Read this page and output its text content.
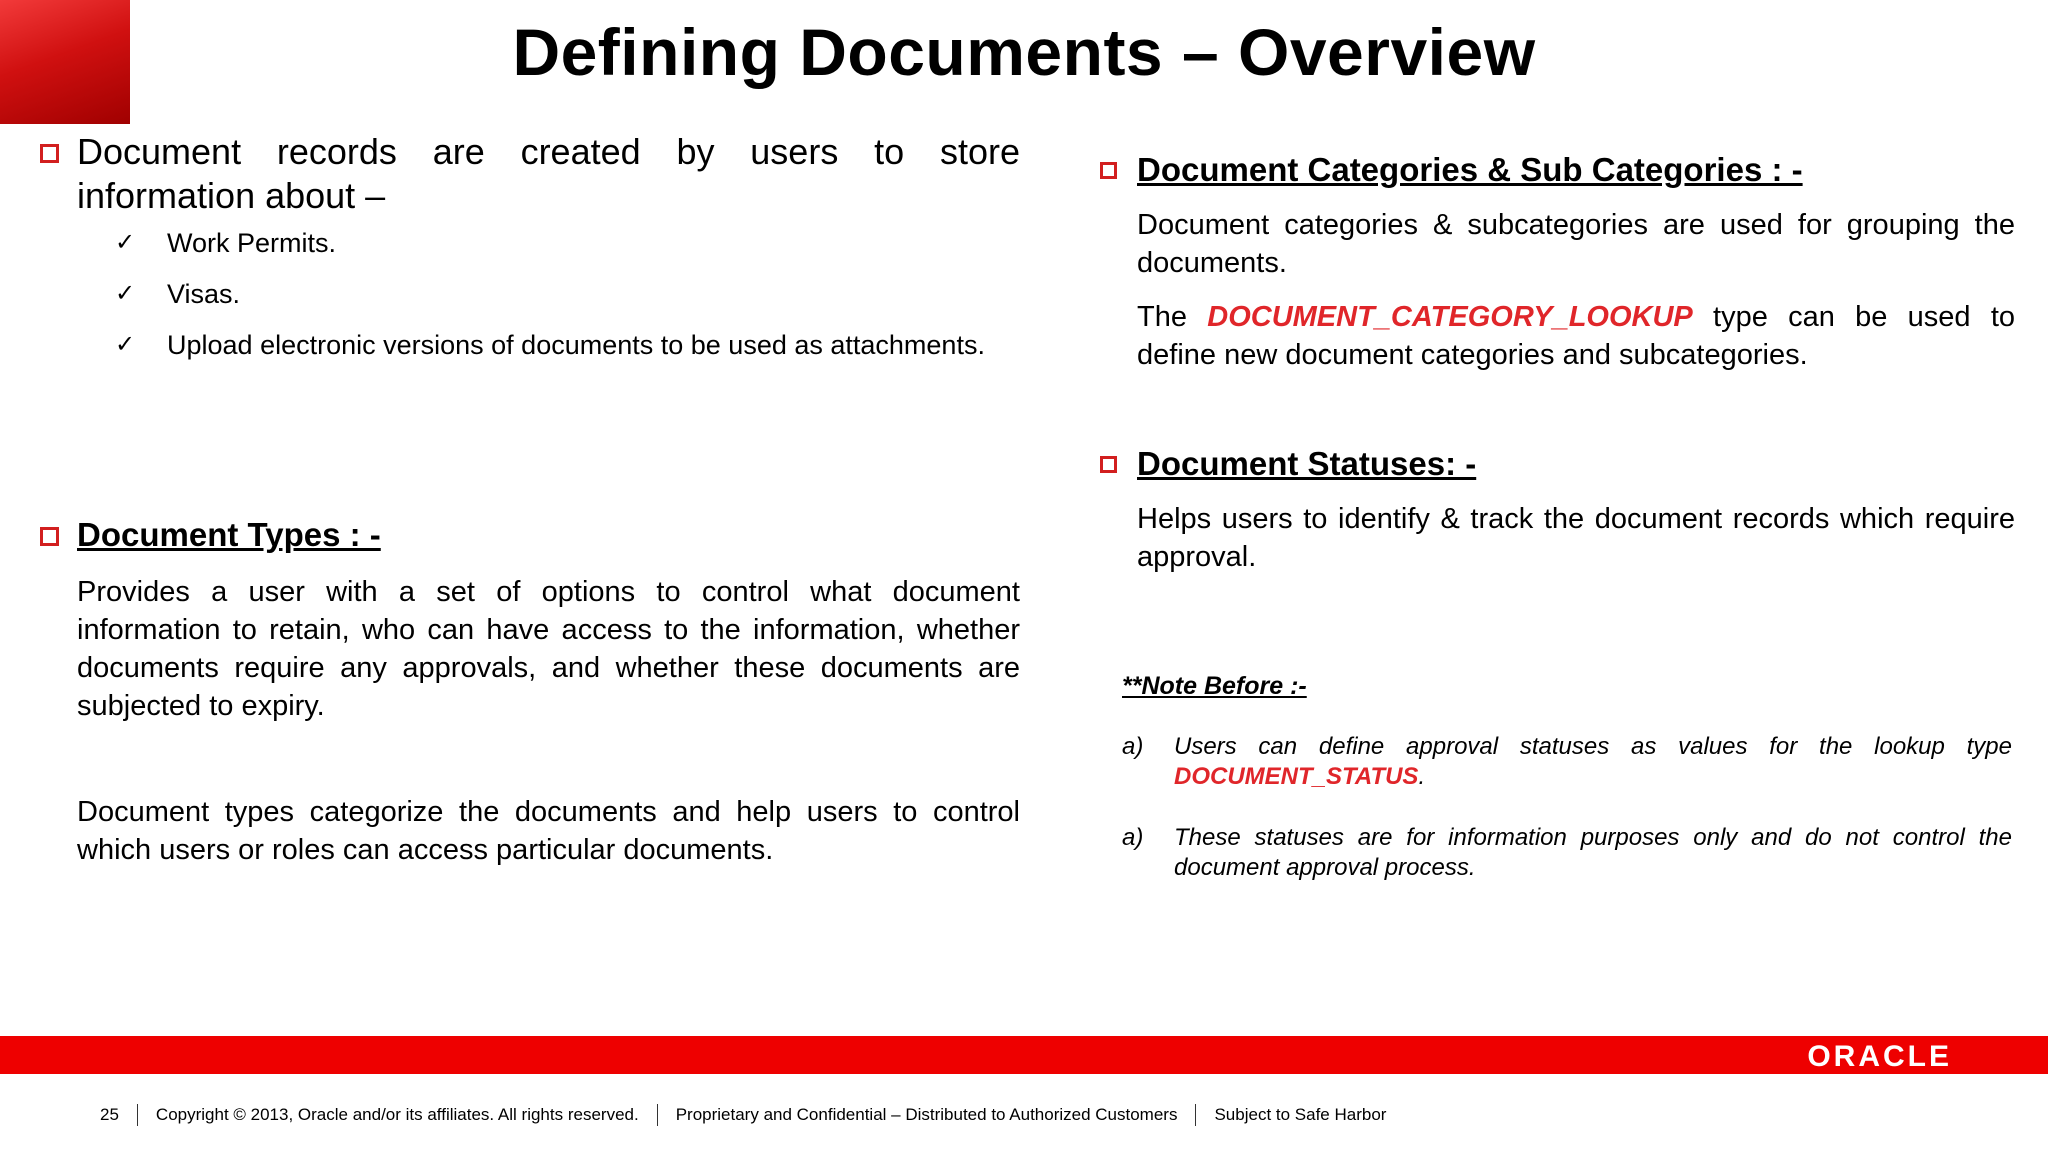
Defining Documents – Overview
Document records are created by users to store information about –
✓ Work Permits.
✓ Visas.
✓ Upload electronic versions of documents to be used as attachments.
Document Types : -
Provides a user with a set of options to control what document information to retain, who can have access to the information, whether documents require any approvals, and whether these documents are subjected to expiry.
Document types categorize the documents and help users to control which users or roles can access particular documents.
Document Categories & Sub Categories : -
Document categories & subcategories are used for grouping the documents.
The DOCUMENT_CATEGORY_LOOKUP type can be used to define new document categories and subcategories.
Document Statuses: -
Helps users to identify & track the document records which require approval.
**Note Before :-
a) Users can define approval statuses as values for the lookup type DOCUMENT_STATUS.
a) These statuses are for information purposes only and do not control the document approval process.
ORACLE
25 Copyright © 2013, Oracle and/or its affiliates. All rights reserved. Proprietary and Confidential – Distributed to Authorized Customers Subject to Safe Harbor
